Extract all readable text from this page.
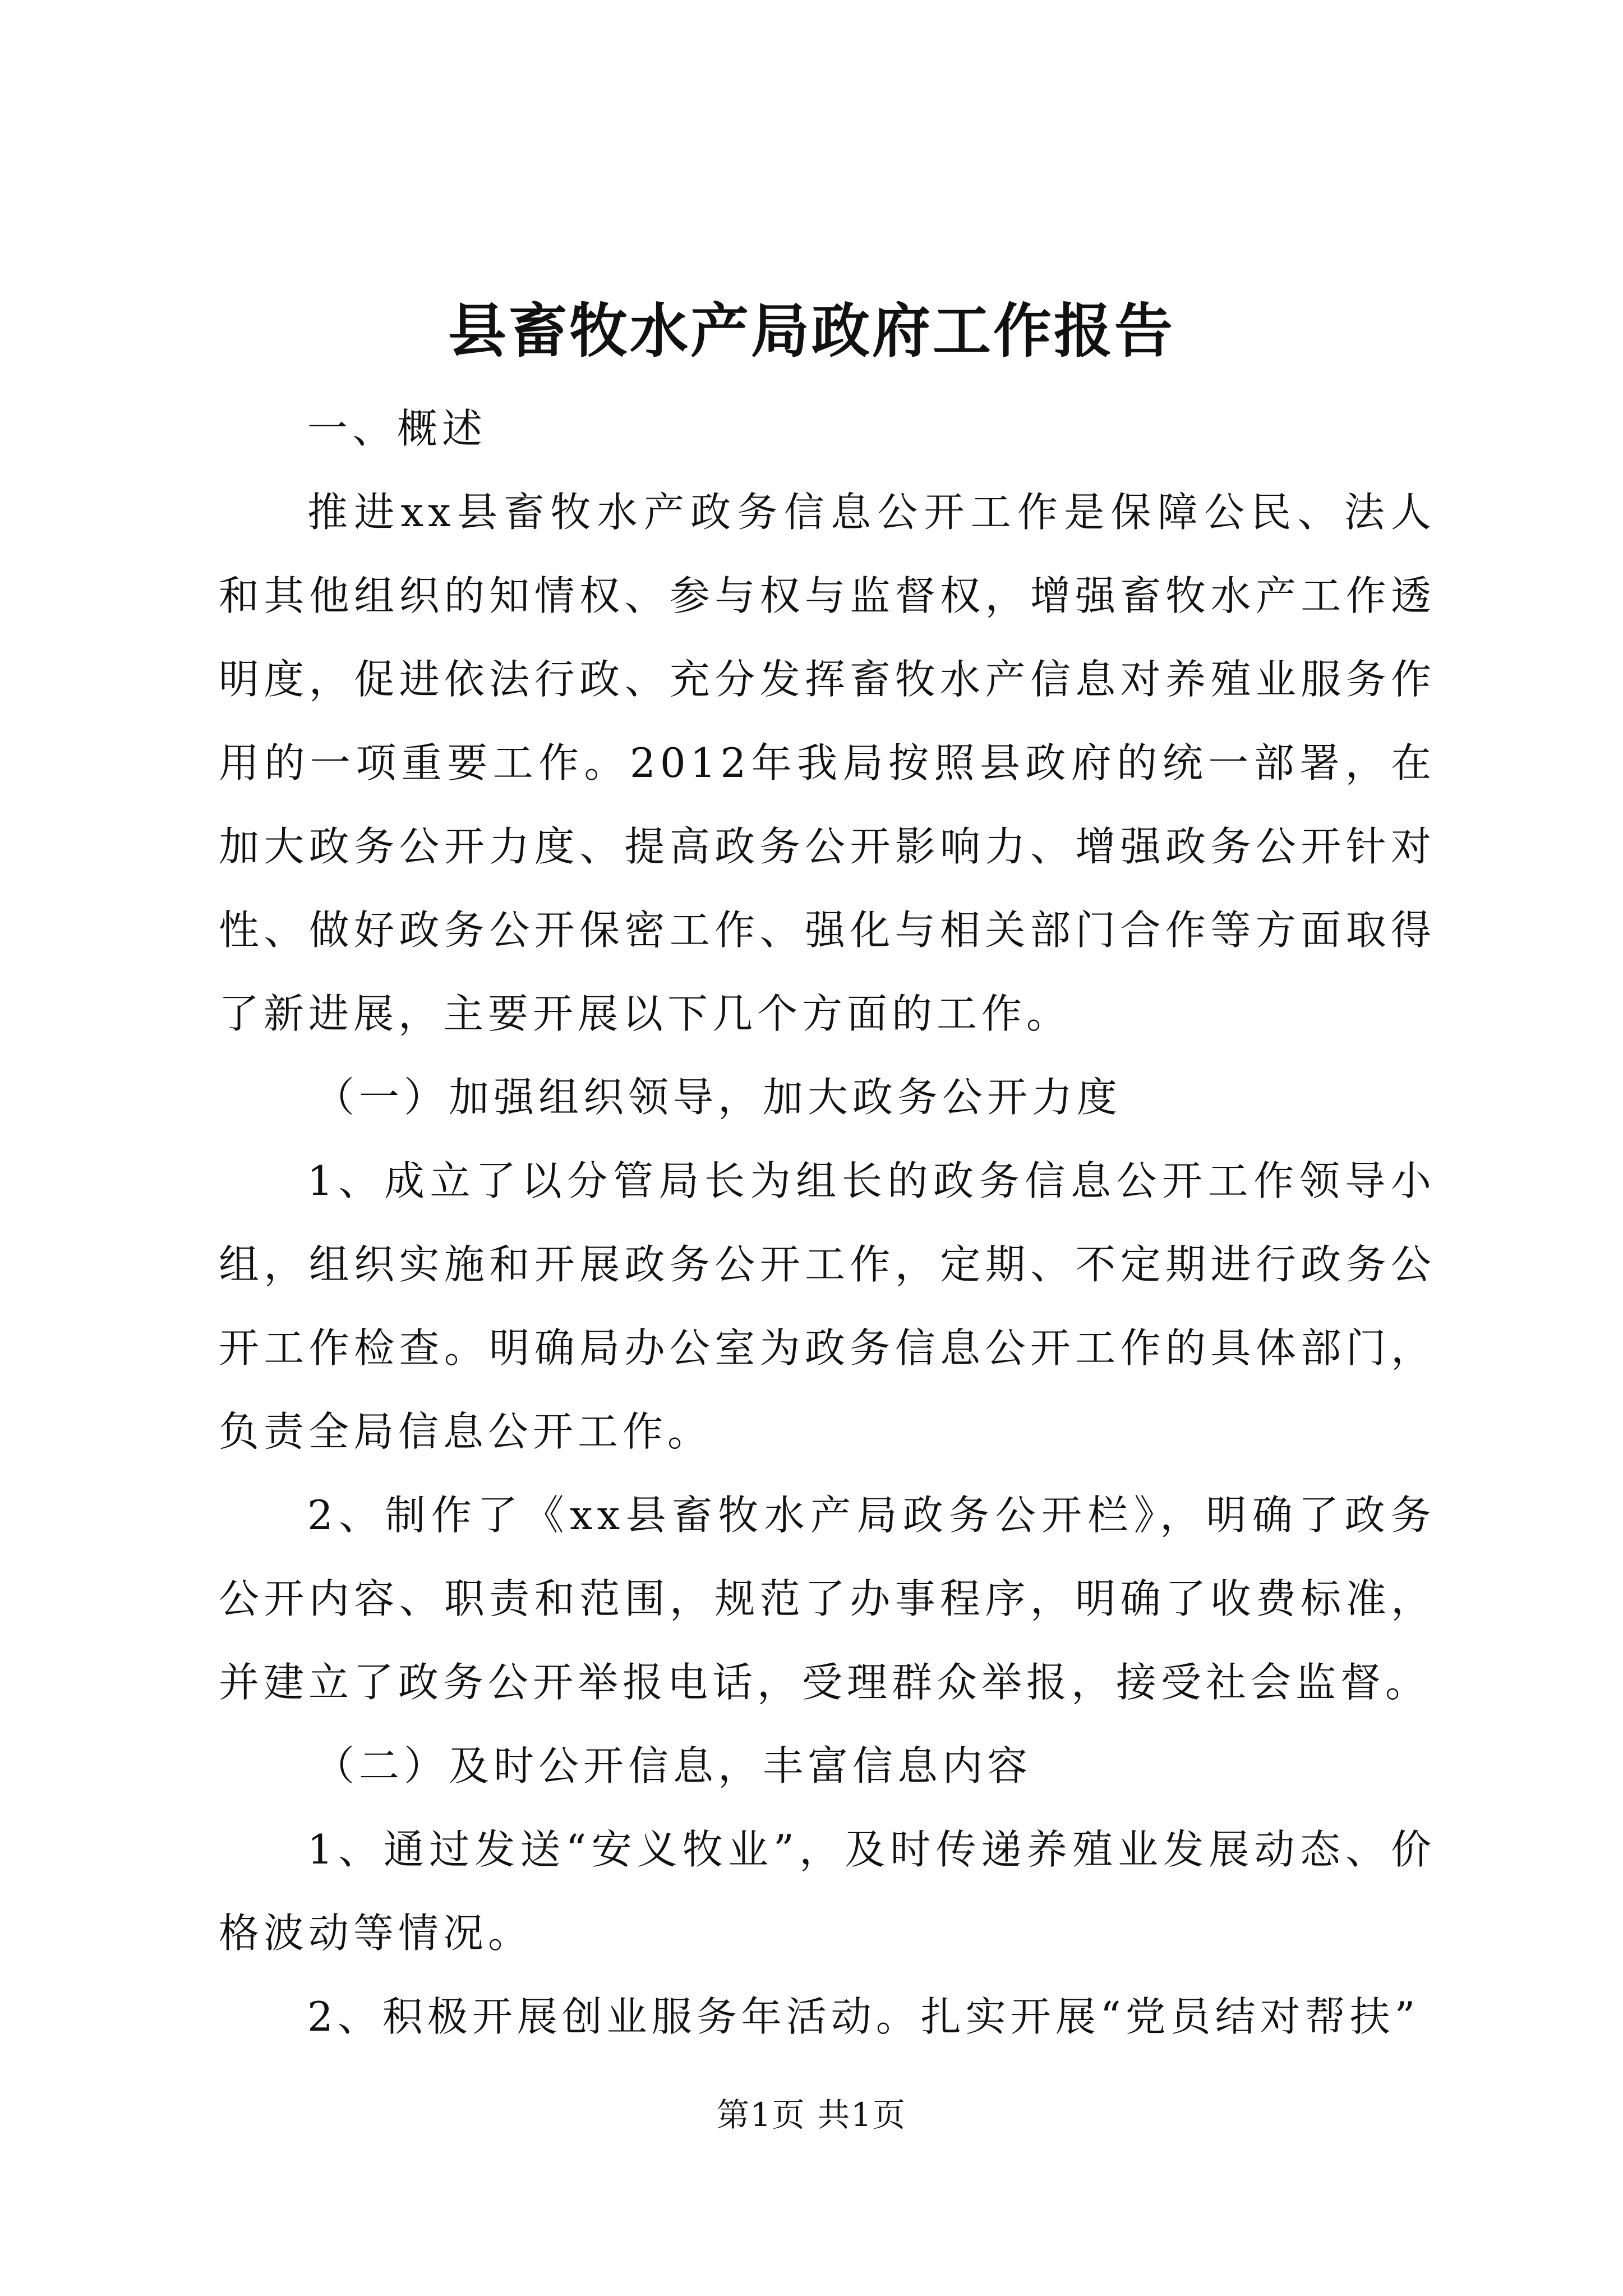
县畜牧水产局政府工作报告

一、概述

推进xx县畜牧水产政务信息公开工作是保障公民、法人和其他组织的知情权、参与权与监督权，增强畜牧水产工作透明度，促进依法行政、充分发挥畜牧水产信息对养殖业服务作用的一项重要工作。2012年我局按照县政府的统一部署，在加大政务公开力度、提高政务公开影响力、增强政务公开针对性、做好政务公开保密工作、强化与相关部门合作等方面取得了新进展，主要开展以下几个方面的工作。

（一）加强组织领导，加大政务公开力度

1、成立了以分管局长为组长的政务信息公开工作领导小组，组织实施和开展政务公开工作，定期、不定期进行政务公开工作检查。明确局办公室为政务信息公开工作的具体部门，负责全局信息公开工作。

2、制作了《xx县畜牧水产局政务公开栏》，明确了政务公开内容、职责和范围，规范了办事程序，明确了收费标准，并建立了政务公开举报电话，受理群众举报，接受社会监督。

（二）及时公开信息，丰富信息内容

1、通过发送“安义牧业”，及时传递养殖业发展动态、价格波动等情况。

2、积极开展创业服务年活动。扎实开展“党员结对帮扶”

第1页 共1页
